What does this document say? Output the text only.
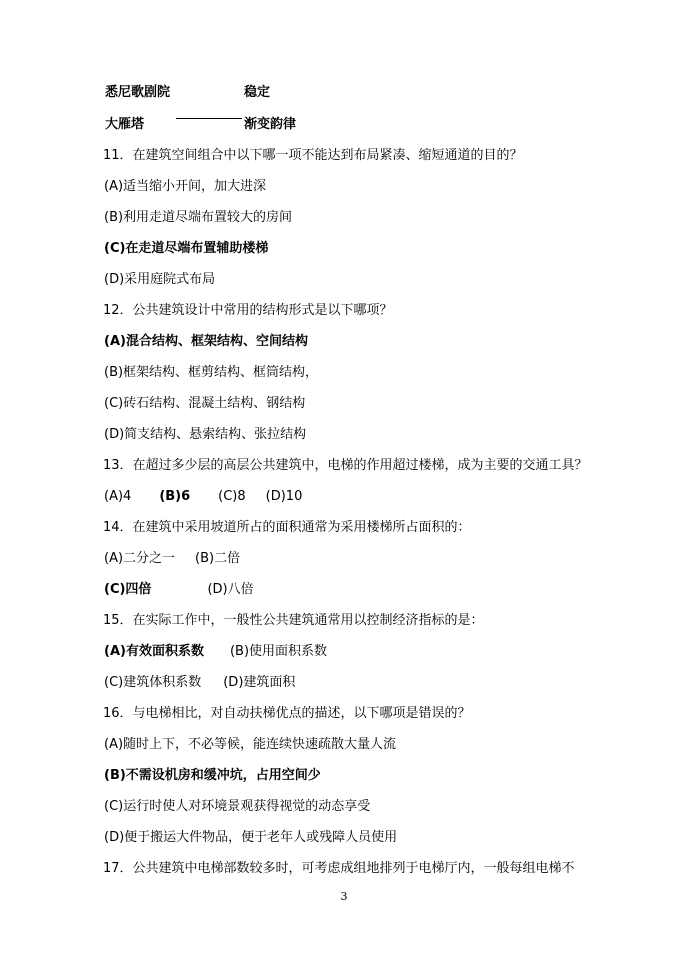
悉尼歌剧院	稳定
大雁塔	渐变韵律
11．在建筑空间组合中以下哪一项不能达到布局紧凑、缩短通道的目的？
(A)适当缩小开间，加大进深
(B)利用走道尽端布置较大的房间
(C)在走道尽端布置辅助楼梯
(D)采用庭院式布局
12．公共建筑设计中常用的结构形式是以下哪项？
(A)混合结构、框架结构、空间结构
(B)框架结构、框剪结构、框筒结构，
(C)砖石结构、混凝土结构、钢结构
(D)简支结构、悬索结构、张拉结构
13．在超过多少层的高层公共建筑中，电梯的作用超过楼梯，成为主要的交通工具？
(A)4 (B)6 (C)8 (D)10
14．在建筑中采用坡道所占的面积通常为采用楼梯所占面积的：
(A)二分之一 (B)二倍
(C)四倍	(D)八倍
15．在实际工作中，一般性公共建筑通常用以控制经济指标的是：
(A)有效面积系数 (B)使用面积系数
(C)建筑体积系数 (D)建筑面积
16．与电梯相比，对自动扶梯优点的描述，以下哪项是错误的？
(A)随时上下，不必等候，能连续快速疏散大量人流
(B)不需设机房和缓冲坑，占用空间少
(C)运行时使人对环境景观获得视觉的动态享受
(D)便于搬运大件物品，便于老年人或残障人员使用
17．公共建筑中电梯部数较多时，可考虑成组地排列于电梯厅内，一般每组电梯不
3
